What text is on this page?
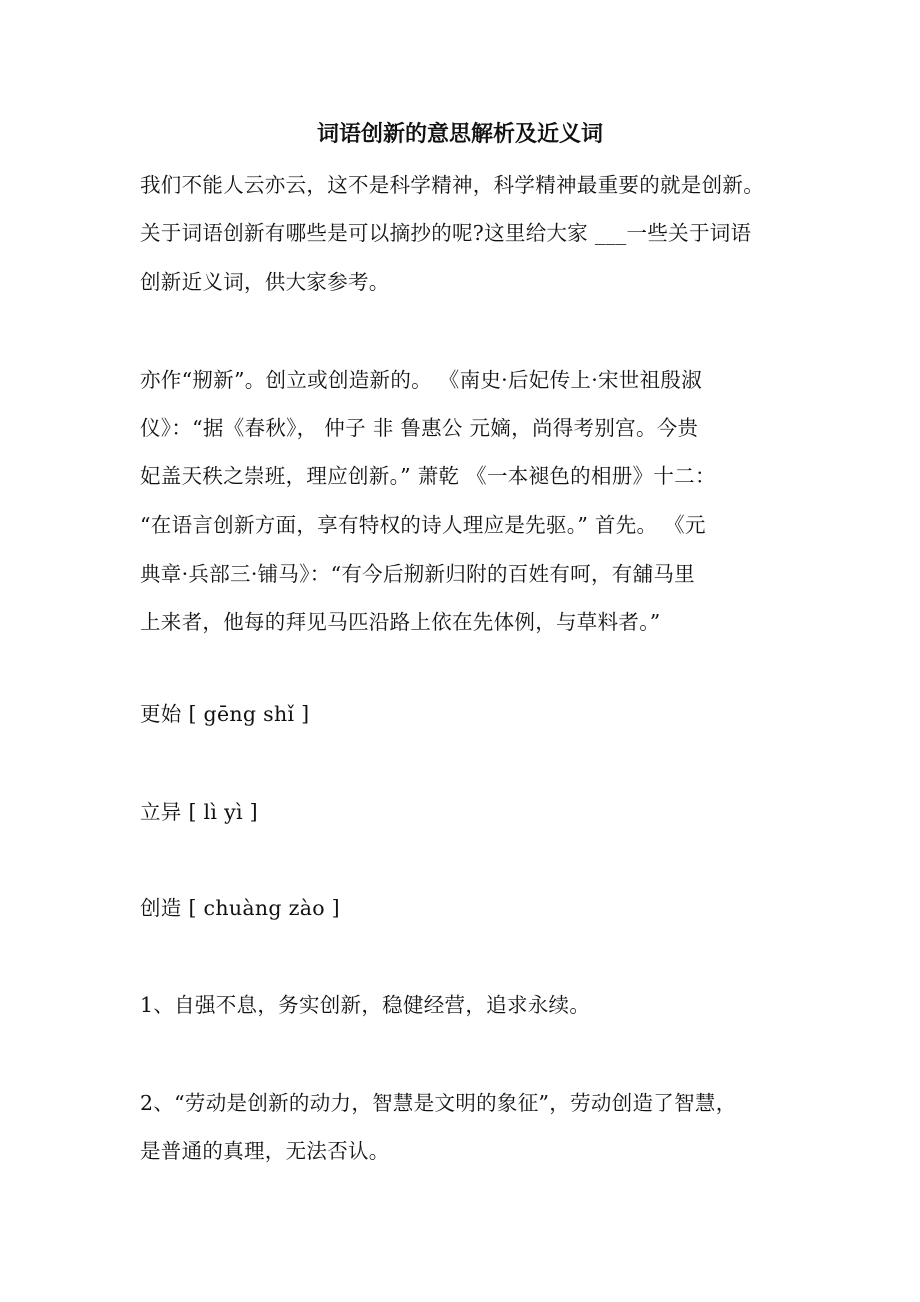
词语创新的意思解析及近义词
我们不能人云亦云，这不是科学精神，科学精神最重要的就是创新。
关于词语创新有哪些是可以摘抄的呢?这里给大家 ___一些关于词语
创新近义词，供大家参考。
亦作“剏新”。创立或创造新的。 《南史·后妃传上·宋世祖殷淑
仪》：“据《春秋》， 仲子 非 鲁惠公 元嫡，尚得考别宫。今贵
妃盖天秩之崇班，理应创新。” 萧乾 《一本褪色的相册》十二：
“在语言创新方面，享有特权的诗人理应是先驱。” 首先。 《元
典章·兵部三·铺马》：“有今后剏新归附的百姓有呵，有舖马里
上来者，他每的拜见马匹沿路上依在先体例，与草料者。”
更始 [ gēng shǐ ]
立异 [ lì yì ]
创造 [ chuàng zào ]
1、自强不息，务实创新，稳健经营，追求永续。
2、“劳动是创新的动力，智慧是文明的象征”，劳动创造了智慧，
是普通的真理，无法否认。
